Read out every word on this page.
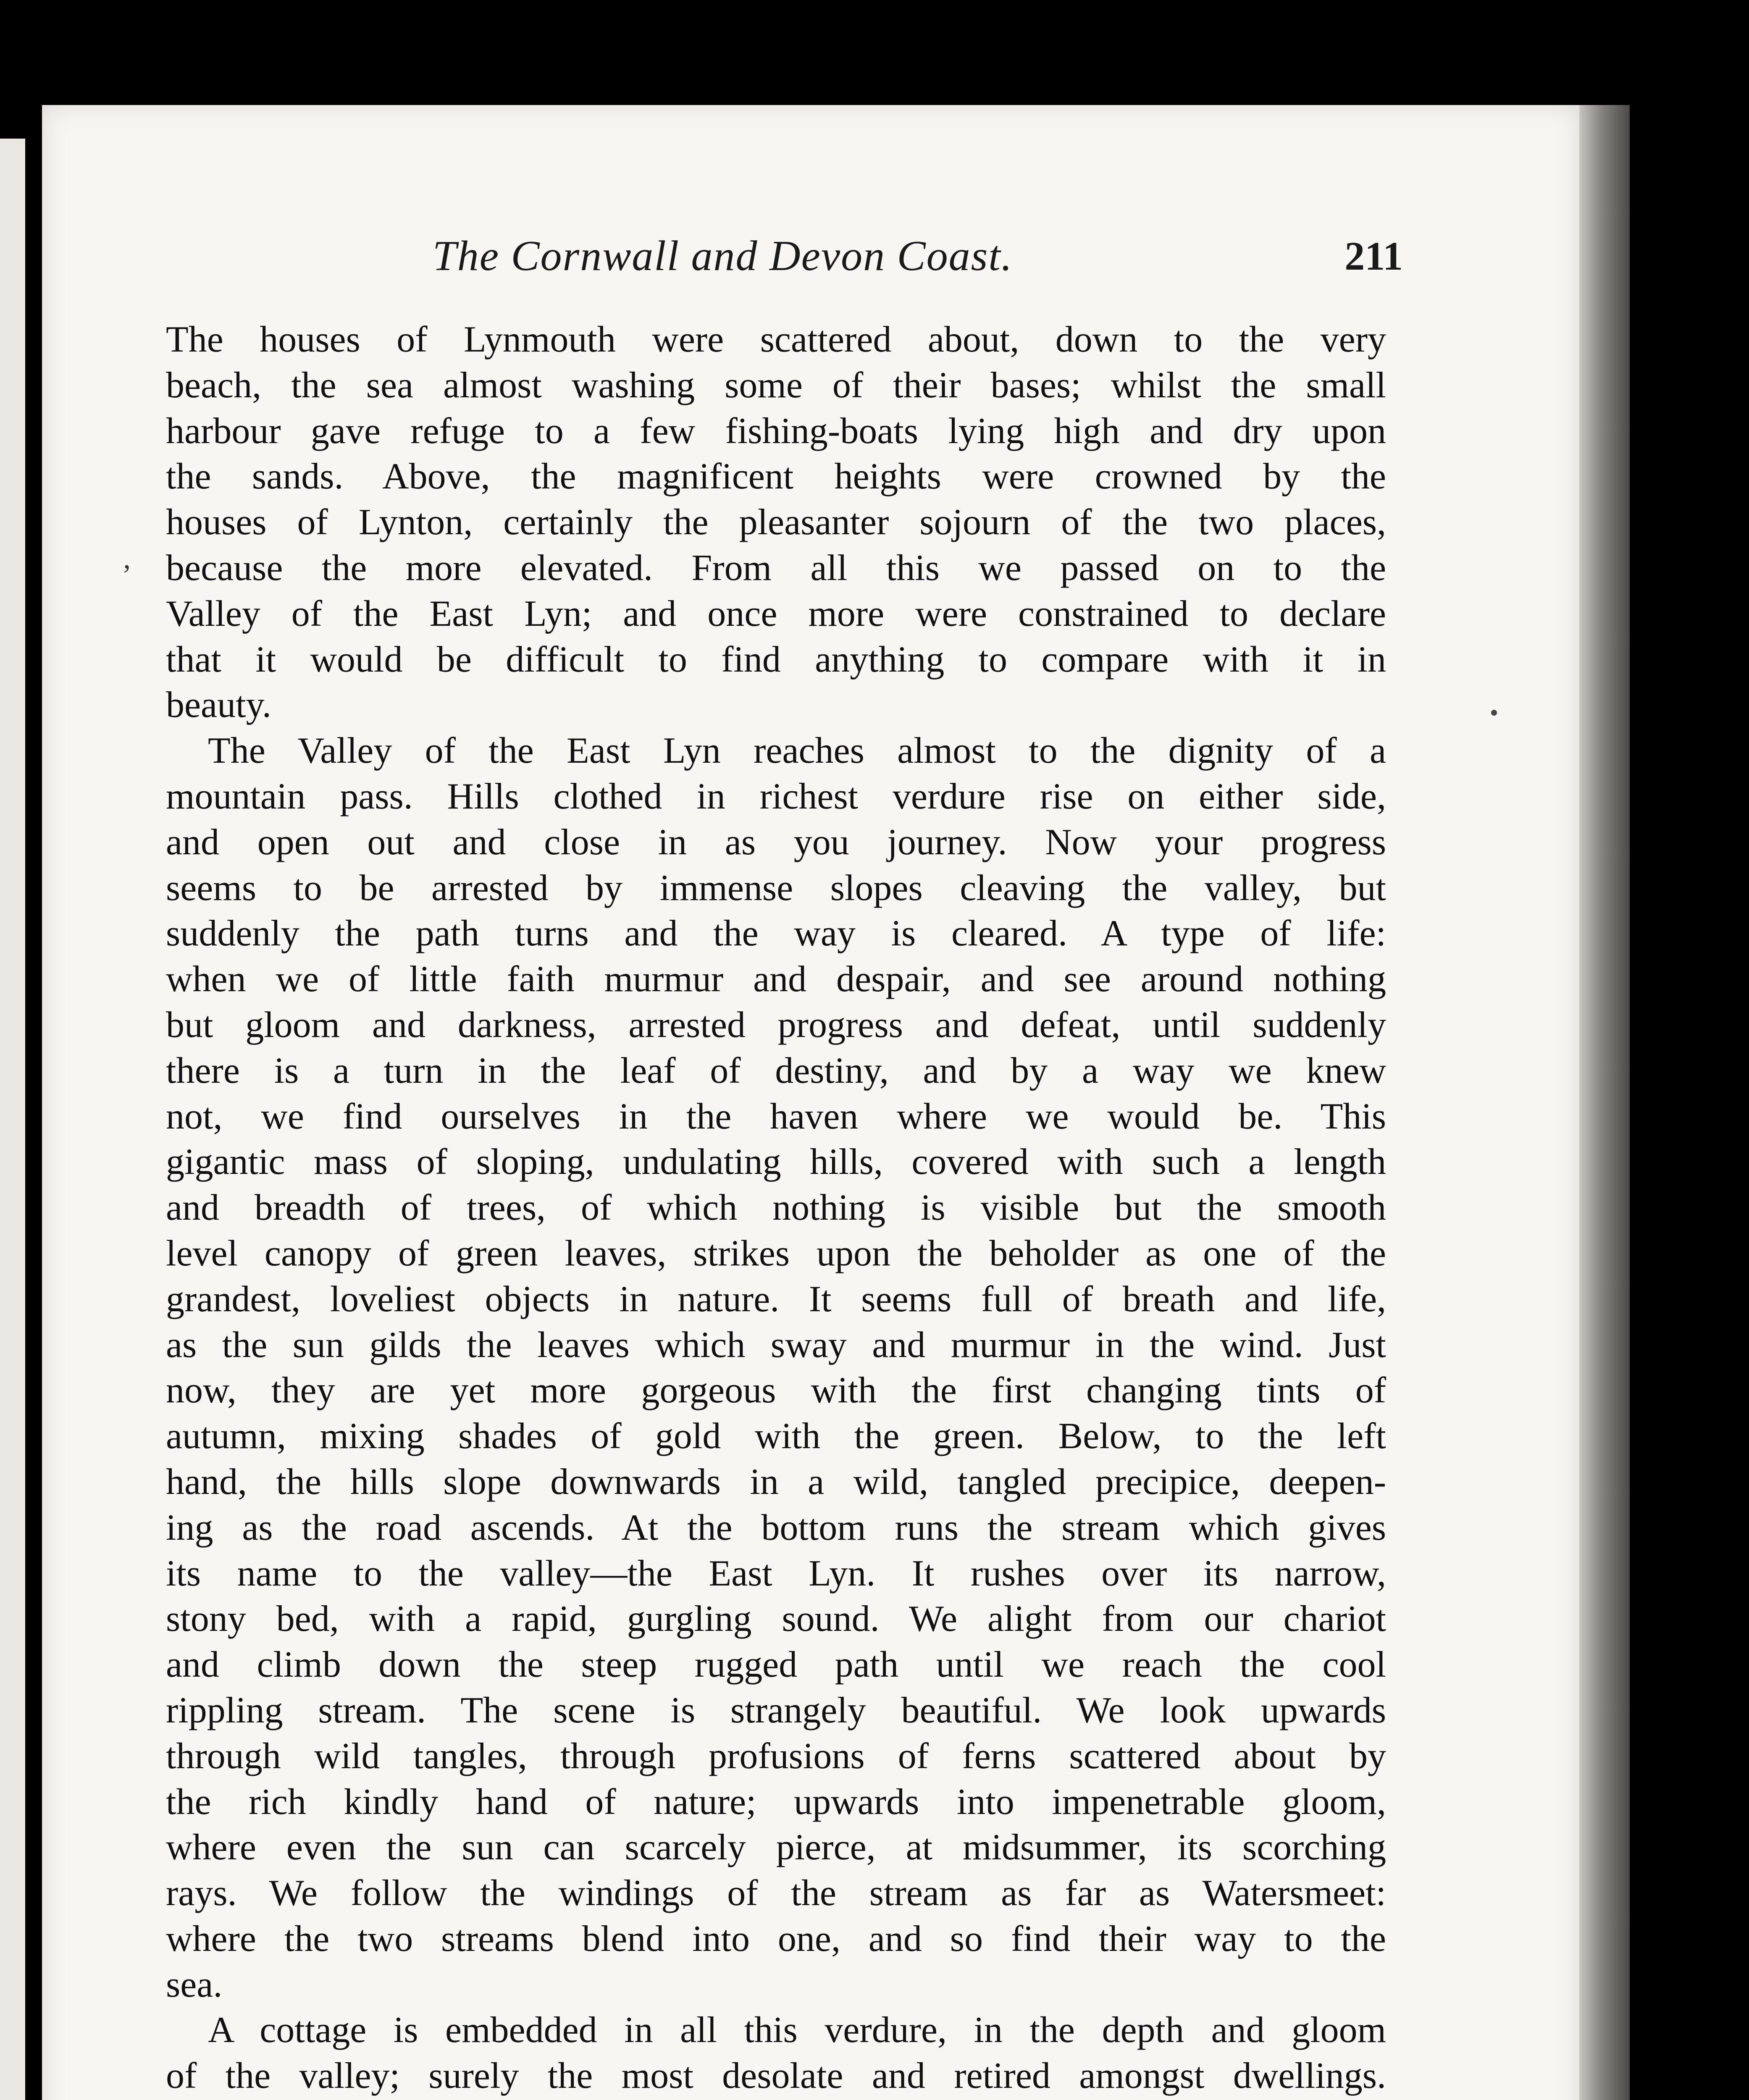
The Cornwall and Devon Coast.	211
ʼ
The houses of Lynmouth were scattered about, down to the very
beach, the sea almost washing some of their bases; whilst the small
harbour gave refuge to a few fishing-boats lying high and dry upon
the sands. Above, the magnificent heights were crowned by the
houses of Lynton, certainly the pleasanter sojourn of the two places,
because the more elevated. From all this we passed on to the
Valley of the East Lyn; and once more were constrained to declare
that it would be difficult to find anything to compare with it in
beauty.
The Valley of the East Lyn reaches almost to the dignity of a
mountain pass. Hills clothed in richest verdure rise on either side,
and open out and close in as you journey. Now your progress
seems to be arrested by immense slopes cleaving the valley, but
suddenly the path turns and the way is cleared. A type of life:
when we of little faith murmur and despair, and see around nothing
but gloom and darkness, arrested progress and defeat, until suddenly
there is a turn in the leaf of destiny, and by a way we knew
not, we find ourselves in the haven where we would be. This
gigantic mass of sloping, undulating hills, covered with such a length
and breadth of trees, of which nothing is visible but the smooth
level canopy of green leaves, strikes upon the beholder as one of the
grandest, loveliest objects in nature. It seems full of breath and life,
as the sun gilds the leaves which sway and murmur in the wind. Just
now, they are yet more gorgeous with the first changing tints of
autumn, mixing shades of gold with the green. Below, to the left
hand, the hills slope downwards in a wild, tangled precipice, deepen-
ing as the road ascends. At the bottom runs the stream which gives
its name to the valley—the East Lyn. It rushes over its narrow,
stony bed, with a rapid, gurgling sound. We alight from our chariot
and climb down the steep rugged path until we reach the cool
rippling stream. The scene is strangely beautiful. We look upwards
through wild tangles, through profusions of ferns scattered about by
the rich kindly hand of nature; upwards into impenetrable gloom,
where even the sun can scarcely pierce, at midsummer, its scorching
rays. We follow the windings of the stream as far as Watersmeet:
where the two streams blend into one, and so find their way to the
sea.
A cottage is embedded in all this verdure, in the depth and gloom
of the valley; surely the most desolate and retired amongst dwellings.
